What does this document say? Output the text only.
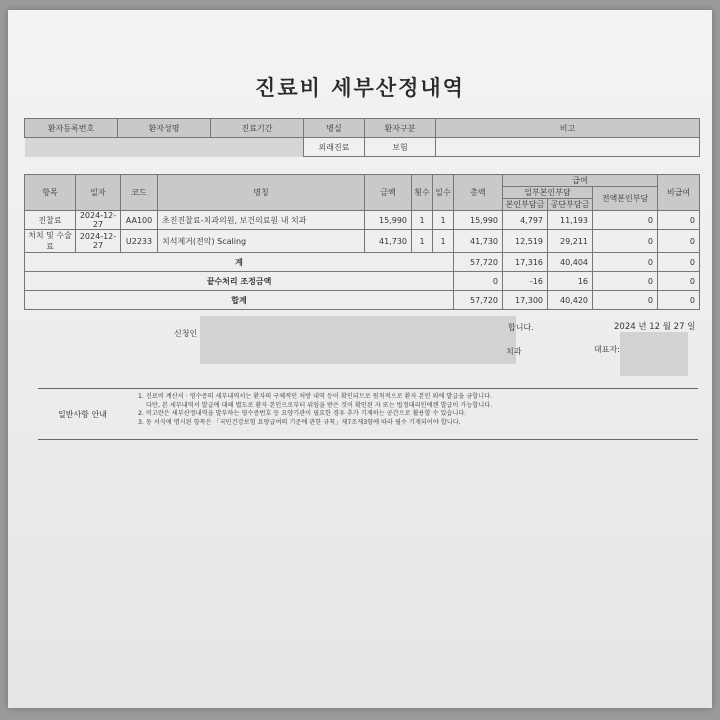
진료비 세부산정내역
환자등록번호	환자성명	진료기간	병실	환자구분	비고
			외래진료	보험	
항목	일자	코드	명칭	금액	횟수	일수	총액	급여			비급여
								일부본인부담		전액본인부담	
								본인부담금	공단부담금		
진찰료	2024-12-27	AA100	초진진찰료-치과의원, 보건의료원 내 치과	15,990	1	1	15,990	4,797	11,193	0	0
처치 및 수술료	2024-12-27	U2233	치석제거(전악) Scaling	41,730	1	1	41,730	12,519	29,211	0	0
계							57,720	17,316	40,404	0	0
끝수처리 조정금액							0	-16	16	0	0
합계							57,720	17,300	40,420	0	0
신청인
합니다.	2024 년 12 월 27 일
치과	대표자:
일반사항 안내
1. 진료비 계산서 · 영수증의 세부내역서는 환자의 구체적인 처방 내역 등이 확인되므로 원칙적으로 환자 본인 외에 발급을 금합니다.
다만, 본 세부내역서 발급에 대해 별도로 환자 본인으로부터 위임을 받은 것이 확인된 자 또는 법정대리인에겐 발급이 가능합니다.
2. 비고란은 세부산정내역을 발부하는 영수증번호 등 요양기관이 필요한 경우 추가 기재하는 공간으로 활용할 수 있습니다.
3. 동 서식에 명시된 항목은 「국민건강보험 요양급여의 기준에 관한 규칙」제7조제3항에 따라 필수 기재되어야 합니다.
